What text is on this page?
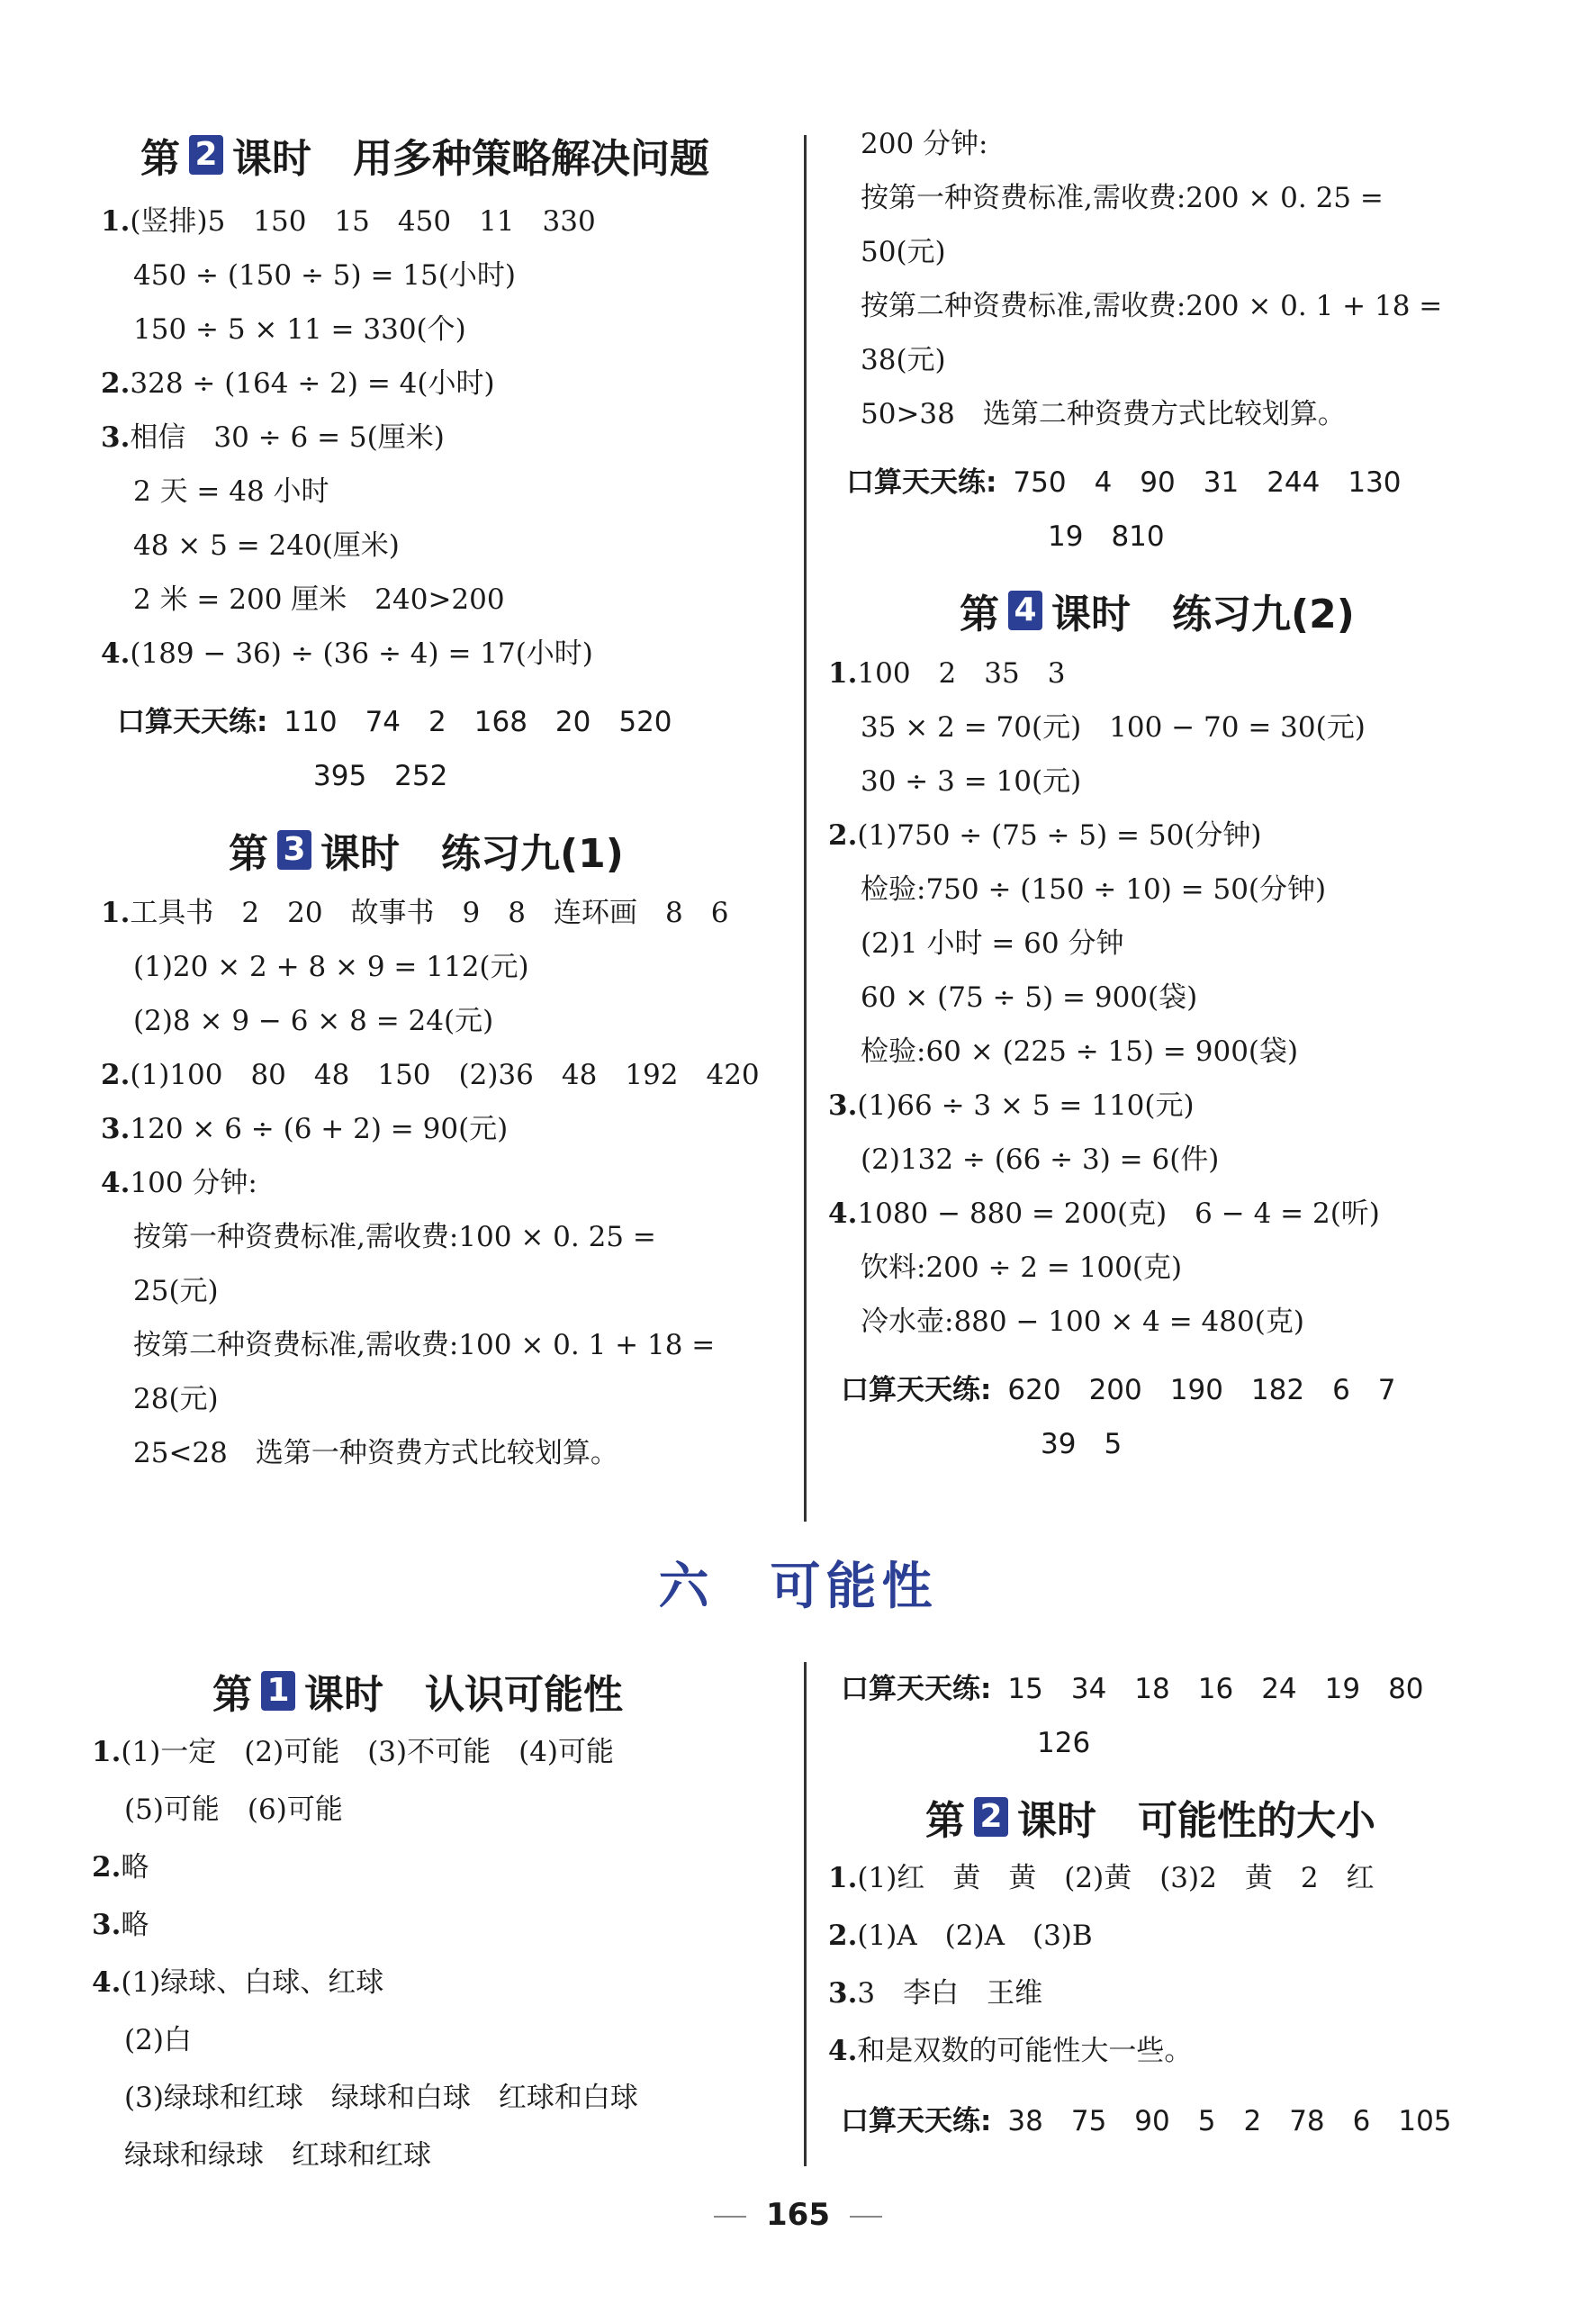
第 2 课时 用多种策略解决问题
1.(竖排)5　150　15　450　11　330
450 ÷ (150 ÷ 5) = 15(小时)
150 ÷ 5 × 11 = 330(个)
2.328 ÷ (164 ÷ 2) = 4(小时)
3.相信　30 ÷ 6 = 5(厘米)
2 天 = 48 小时
48 × 5 = 240(厘米)
2 米 = 200 厘米　240>200
4.(189 − 36) ÷ (36 ÷ 4) = 17(小时)
口算天天练: 110　74　2　168　20　520
395　252
第 3 课时 练习九(1)
1.工具书　2　20　故事书　9　8　连环画　8　6
(1)20 × 2 + 8 × 9 = 112(元)
(2)8 × 9 − 6 × 8 = 24(元)
2.(1)100　80　48　150　(2)36　48　192　420
3.120 × 6 ÷ (6 + 2) = 90(元)
4.100 分钟:
按第一种资费标准,需收费:100 × 0. 25 =
25(元)
按第二种资费标准,需收费:100 × 0. 1 + 18 =
28(元)
25<28　选第一种资费方式比较划算。
200 分钟:
按第一种资费标准,需收费:200 × 0. 25 =
50(元)
按第二种资费标准,需收费:200 × 0. 1 + 18 =
38(元)
50>38　选第二种资费方式比较划算。
口算天天练: 750　4　90　31　244　130
19　810
第 4 课时 练习九(2)
1.100　2　35　3
35 × 2 = 70(元)　100 − 70 = 30(元)
30 ÷ 3 = 10(元)
2.(1)750 ÷ (75 ÷ 5) = 50(分钟)
检验:750 ÷ (150 ÷ 10) = 50(分钟)
(2)1 小时 = 60 分钟
60 × (75 ÷ 5) = 900(袋)
检验:60 × (225 ÷ 15) = 900(袋)
3.(1)66 ÷ 3 × 5 = 110(元)
(2)132 ÷ (66 ÷ 3) = 6(件)
4.1080 − 880 = 200(克)　6 − 4 = 2(听)
饮料:200 ÷ 2 = 100(克)
冷水壶:880 − 100 × 4 = 480(克)
口算天天练: 620　200　190　182　6　7
39　5
六　可能性
第 1 课时 认识可能性
1.(1)一定　(2)可能　(3)不可能　(4)可能
(5)可能　(6)可能
2.略
3.略
4.(1)绿球、白球、红球
(2)白
(3)绿球和红球　绿球和白球　红球和白球
绿球和绿球　红球和红球
口算天天练: 15　34　18　16　24　19　80
126
第 2 课时 可能性的大小
1.(1)红　黄　黄　(2)黄　(3)2　黄　2　红
2.(1)A　(2)A　(3)B
3.3　李白　王维
4.和是双数的可能性大一些。
口算天天练: 38　75　90　5　2　78　6　105
165
